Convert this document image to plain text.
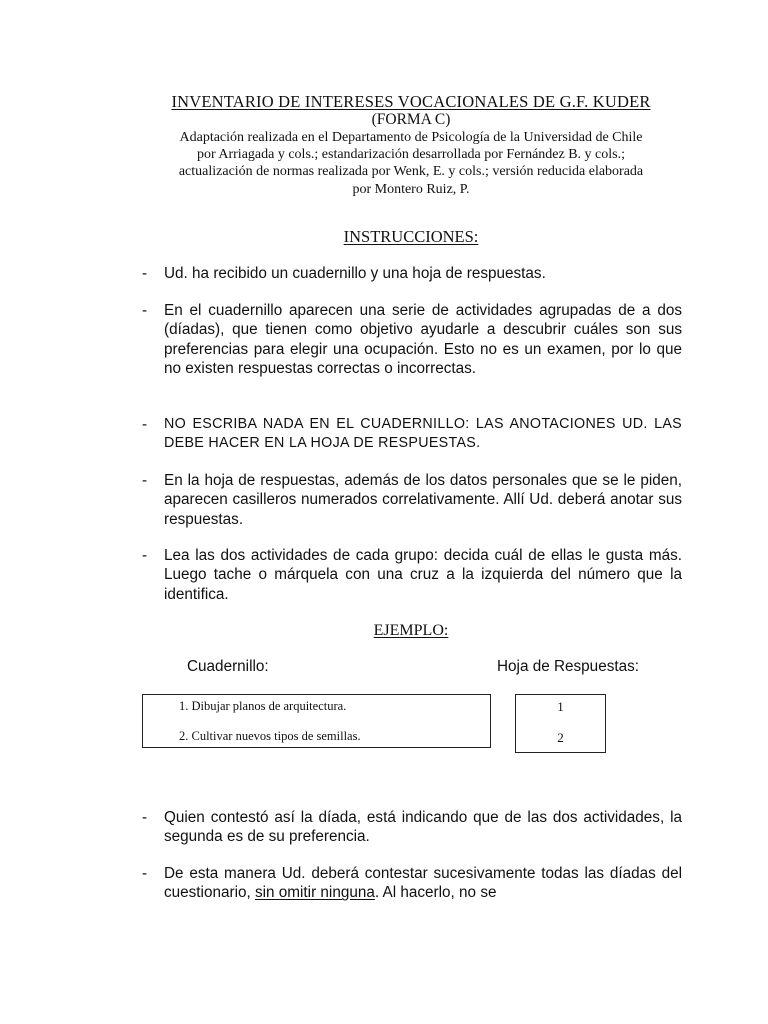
INVENTARIO DE INTERESES VOCACIONALES DE G.F. KUDER
(FORMA C)
Adaptación realizada en el Departamento de Psicología de la Universidad de Chile
por Arriagada y cols.; estandarización desarrollada por Fernández B. y cols.;
actualización de normas realizada por Wenk, E. y cols.; versión reducida elaborada
por Montero Ruiz, P.
INSTRUCCIONES:
-	Ud. ha recibido un cuadernillo y una hoja de respuestas.
-	En el cuadernillo aparecen una serie de actividades agrupadas de a dos (díadas), que tienen como objetivo ayudarle a descubrir cuáles son sus preferencias para elegir una ocupación. Esto no es un examen, por lo que no existen respuestas correctas o incorrectas.
-	NO ESCRIBA NADA EN EL CUADERNILLO: LAS ANOTACIONES UD. LAS DEBE HACER EN LA HOJA DE RESPUESTAS.
-	En la hoja de respuestas, además de los datos personales que se le piden, aparecen casilleros numerados correlativamente. Allí Ud. deberá anotar sus respuestas.
-	Lea las dos actividades de cada grupo: decida cuál de ellas le gusta más. Luego tache o márquela con una cruz a la izquierda del número que la identifica.
EJEMPLO:
Cuadernillo:	Hoja de Respuestas:
1. Dibujar planos de arquitectura.
2. Cultivar nuevos tipos de semillas.
1
2
-	Quien contestó así la díada, está indicando que de las dos actividades, la segunda es de su preferencia.
-	De esta manera Ud. deberá contestar sucesivamente todas las díadas del cuestionario, sin omitir ninguna. Al hacerlo, no se
